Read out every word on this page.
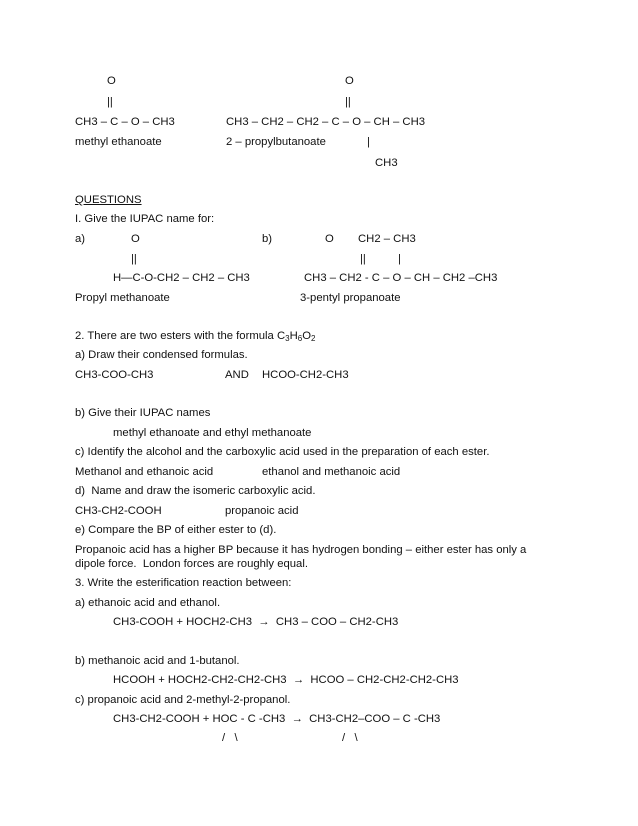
O	O
||	||
CH3 – C – O – CH3	CH3 – CH2 – CH2 – C – O – CH – CH3
methyl ethanoate	2 – propylbutanoate	|
CH3
QUESTIONS
I. Give the IUPAC name for:
a)	O	b)	O CH2 – CH3
||	||	|
H—C-O-CH2 – CH2 – CH3	CH3 – CH2 - C – O – CH – CH2 –CH3
Propyl methanoate	3-pentyl propanoate
2. There are two esters with the formula $C_3H_6O_2$
a) Draw their condensed formulas.
CH3-COO-CH3	AND HCOO-CH2-CH3
b) Give their IUPAC names
methyl ethanoate and ethyl methanoate
c) Identify the alcohol and the carboxylic acid used in the preparation of each ester.
Methanol and ethanoic acid	ethanol and methanoic acid
d)  Name and draw the isomeric carboxylic acid.
CH3-CH2-COOH	propanoic acid
e) Compare the BP of either ester to (d).
Propanoic acid has a higher BP because it has hydrogen bonding – either ester has only a
dipole force.  London forces are roughly equal.
3. Write the esterification reaction between:
a) ethanoic acid and ethanol.
CH3-COOH + HOCH2-CH3  →  CH3 – COO – CH2-CH3
b) methanoic acid and 1-butanol.
HCOOH + HOCH2-CH2-CH2-CH3  →  HCOO – CH2-CH2-CH2-CH3
c) propanoic acid and 2-methyl-2-propanol.
CH3-CH2-COOH + HOC - C -CH3  →  CH3-CH2–COO – C -CH3
/   \	/   \
